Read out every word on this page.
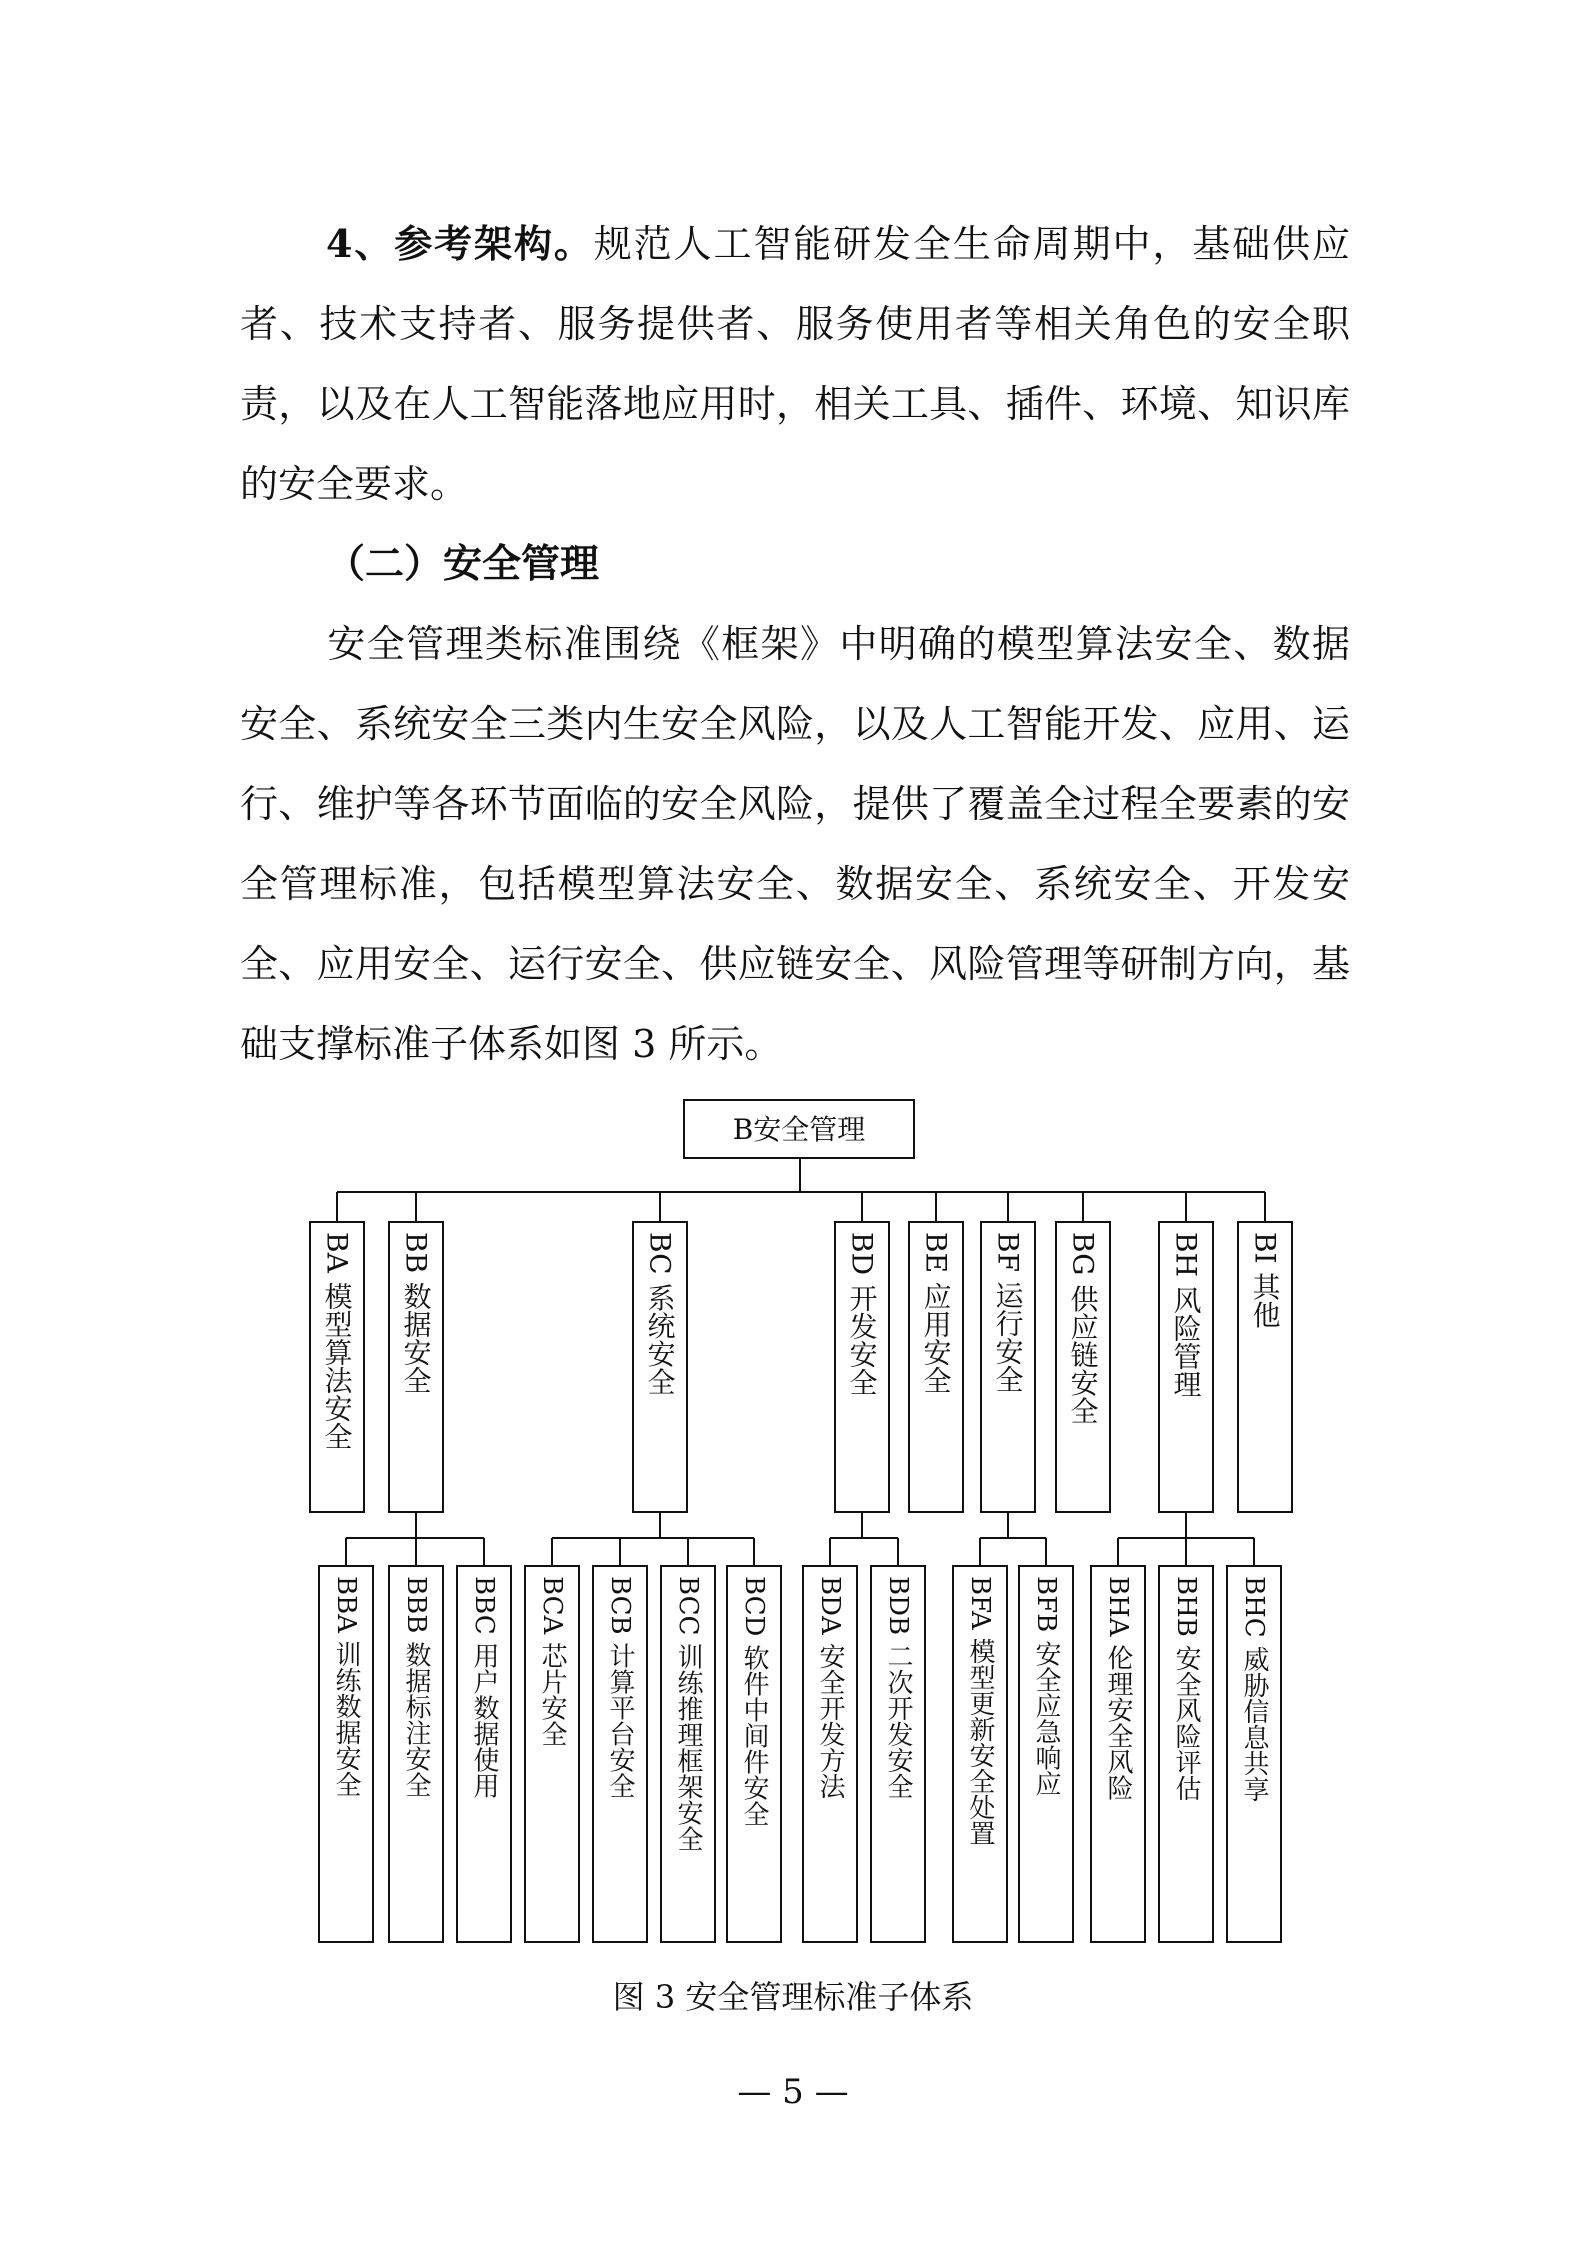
4、参考架构。规范人工智能研发全生命周期中，基础供应者、技术支持者、服务提供者、服务使用者等相关角色的安全职责，以及在人工智能落地应用时，相关工具、插件、环境、知识库的安全要求。

（二）安全管理

安全管理类标准围绕《框架》中明确的模型算法安全、数据安全、系统安全三类内生安全风险，以及人工智能开发、应用、运行、维护等各环节面临的安全风险，提供了覆盖全过程全要素的安全管理标准，包括模型算法安全、数据安全、系统安全、开发安全、应用安全、运行安全、供应链安全、风险管理等研制方向，基础支撑标准子体系如图 3 所示。

B安全管理
BA 模型算法安全 BB 数据安全	BC 系统安全	BD 开发安全 BE 应用安全 BF 运行安全 BG 供应链安全	BH 风险管理 BI 其他
BBA 训练数据安全 BBB 数据标注安全 BBC 用户数据使用 BCA 芯片安全 BCB 计算平台安全 BCC 训练推理框架安全 BCD 软件中间件安全 BDA 安全开发方法 BDB 二次开发安全 BFA 模型更新安全处置 BFB 安全应急响应 BHA 伦理安全风险 BHB 安全风险评估 BHC 威胁信息共享

图 3 安全管理标准子体系

— 5 —
